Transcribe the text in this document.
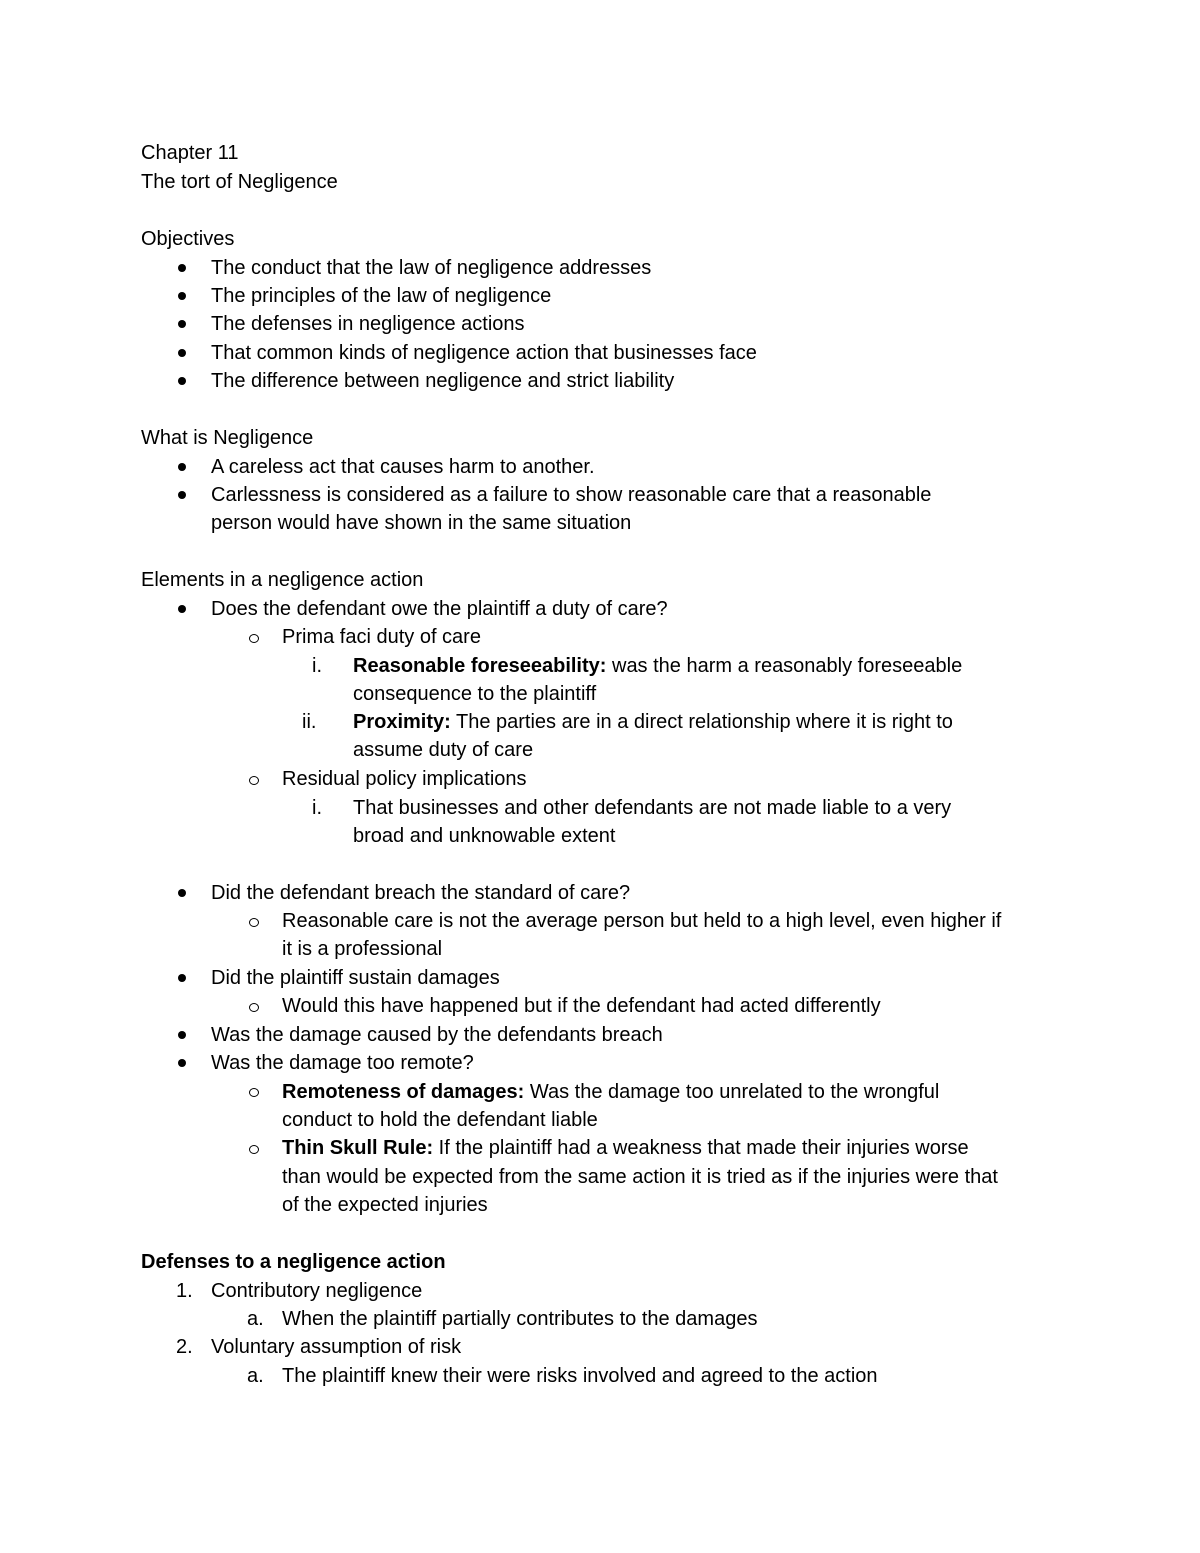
Chapter 11
The tort of Negligence
Objectives
The conduct that the law of negligence addresses
The principles of the law of negligence
The defenses in negligence actions
That common kinds of negligence action that businesses face
The difference between negligence and strict liability
What is Negligence
A careless act that causes harm to another.
Carlessness is considered as a failure to show reasonable care that a reasonable
person would have shown in the same situation
Elements in a negligence action
Does the defendant owe the plaintiff a duty of care?
Prima faci duty of care
i. Reasonable foreseeability: was the harm a reasonably foreseeable
consequence to the plaintiff
ii. Proximity: The parties are in a direct relationship where it is right to
assume duty of care
Residual policy implications
i. That businesses and other defendants are not made liable to a very
broad and unknowable extent
Did the defendant breach the standard of care?
Reasonable care is not the average person but held to a high level, even higher if
it is a professional
Did the plaintiff sustain damages
Would this have happened but if the defendant had acted differently
Was the damage caused by the defendants breach
Was the damage too remote?
Remoteness of damages: Was the damage too unrelated to the wrongful
conduct to hold the defendant liable
Thin Skull Rule: If the plaintiff had a weakness that made their injuries worse
than would be expected from the same action it is tried as if the injuries were that
of the expected injuries
Defenses to a negligence action
1. Contributory negligence
a. When the plaintiff partially contributes to the damages
2. Voluntary assumption of risk
a. The plaintiff knew their were risks involved and agreed to the action
